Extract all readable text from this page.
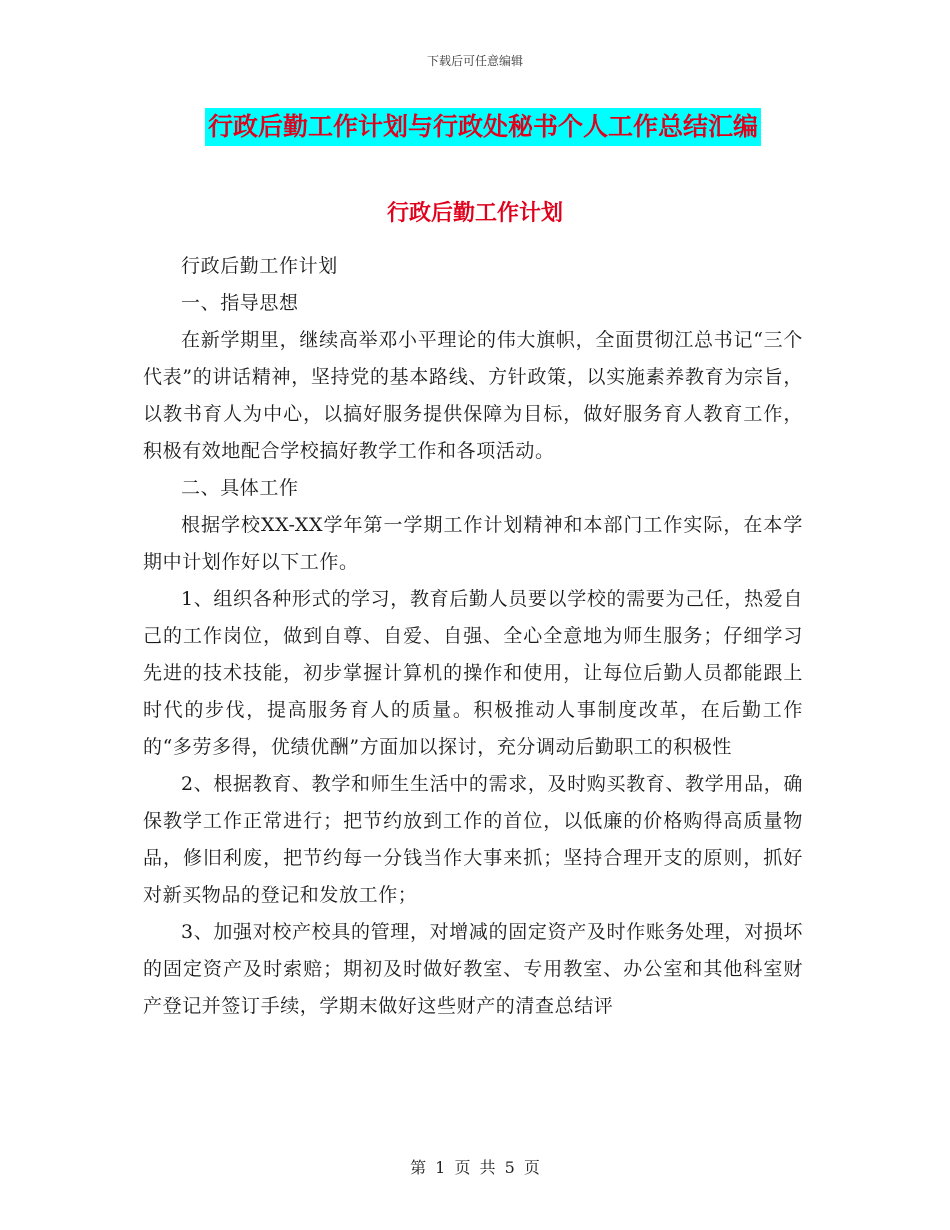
下载后可任意编辑
行政后勤工作计划与行政处秘书个人工作总结汇编
行政后勤工作计划

行政后勤工作计划

一、指导思想

在新学期里，继续高举邓小平理论的伟大旗帜，全面贯彻江总书记“三个代表”的讲话精神，坚持党的基本路线、方针政策，以实施素养教育为宗旨，以教书育人为中心，以搞好服务提供保障为目标，做好服务育人教育工作，积极有效地配合学校搞好教学工作和各项活动。

二、具体工作

根据学校XX-XX学年第一学期工作计划精神和本部门工作实际，在本学期中计划作好以下工作。

1、组织各种形式的学习，教育后勤人员要以学校的需要为己任，热爱自己的工作岗位，做到自尊、自爱、自强、全心全意地为师生服务；仔细学习先进的技术技能，初步掌握计算机的操作和使用，让每位后勤人员都能跟上时代的步伐，提高服务育人的质量。积极推动人事制度改革，在后勤工作的“多劳多得，优绩优酬”方面加以探讨，充分调动后勤职工的积极性

2、根据教育、教学和师生生活中的需求，及时购买教育、教学用品，确保教学工作正常进行；把节约放到工作的首位，以低廉的价格购得高质量物品，修旧利废，把节约每一分钱当作大事来抓；坚持合理开支的原则，抓好对新买物品的登记和发放工作；

3、加强对校产校具的管理，对增减的固定资产及时作账务处理，对损坏的固定资产及时索赔；期初及时做好教室、专用教室、办公室和其他科室财产登记并签订手续，学期末做好这些财产的清查总结评

第 1 页 共 5 页
